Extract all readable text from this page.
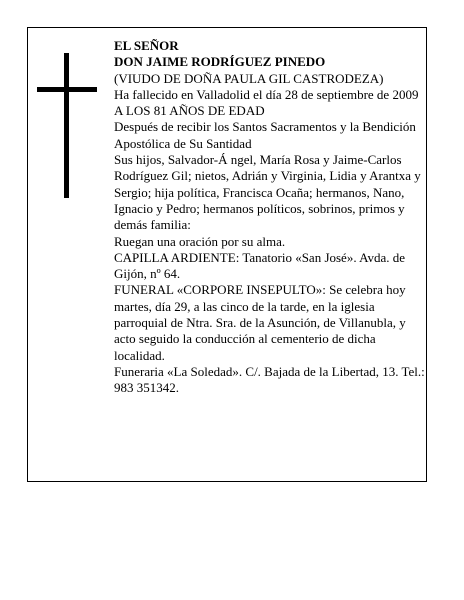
EL SEÑOR

DON JAIME RODRÍGUEZ PINEDO

(VIUDO DE DOÑA PAULA GIL CASTRODEZA)

Ha fallecido en Valladolid el día 28 de septiembre de 2009

A LOS 81 AÑOS DE EDAD

Después de recibir los Santos Sacramentos y la Bendición Apostólica de Su Santidad

Sus hijos, Salvador-Á ngel, María Rosa y Jaime-Carlos Rodríguez Gil; nietos, Adrián y Virginia, Lidia y Arantxa y Sergio; hija política, Francisca Ocaña; hermanos, Nano, Ignacio y Pedro; hermanos políticos, sobrinos, primos y demás familia:

Ruegan una oración por su alma.

CAPILLA ARDIENTE: Tanatorio «San José». Avda. de Gijón, nº 64.

FUNERAL «CORPORE INSEPULTO»: Se celebra hoy martes, día 29, a las cinco de la tarde, en la iglesia parroquial de Ntra. Sra. de la Asunción, de Villanubla, y acto seguido la conducción al cementerio de dicha localidad.

Funeraria «La Soledad». C/. Bajada de la Libertad, 13. Tel.: 983 351342.
